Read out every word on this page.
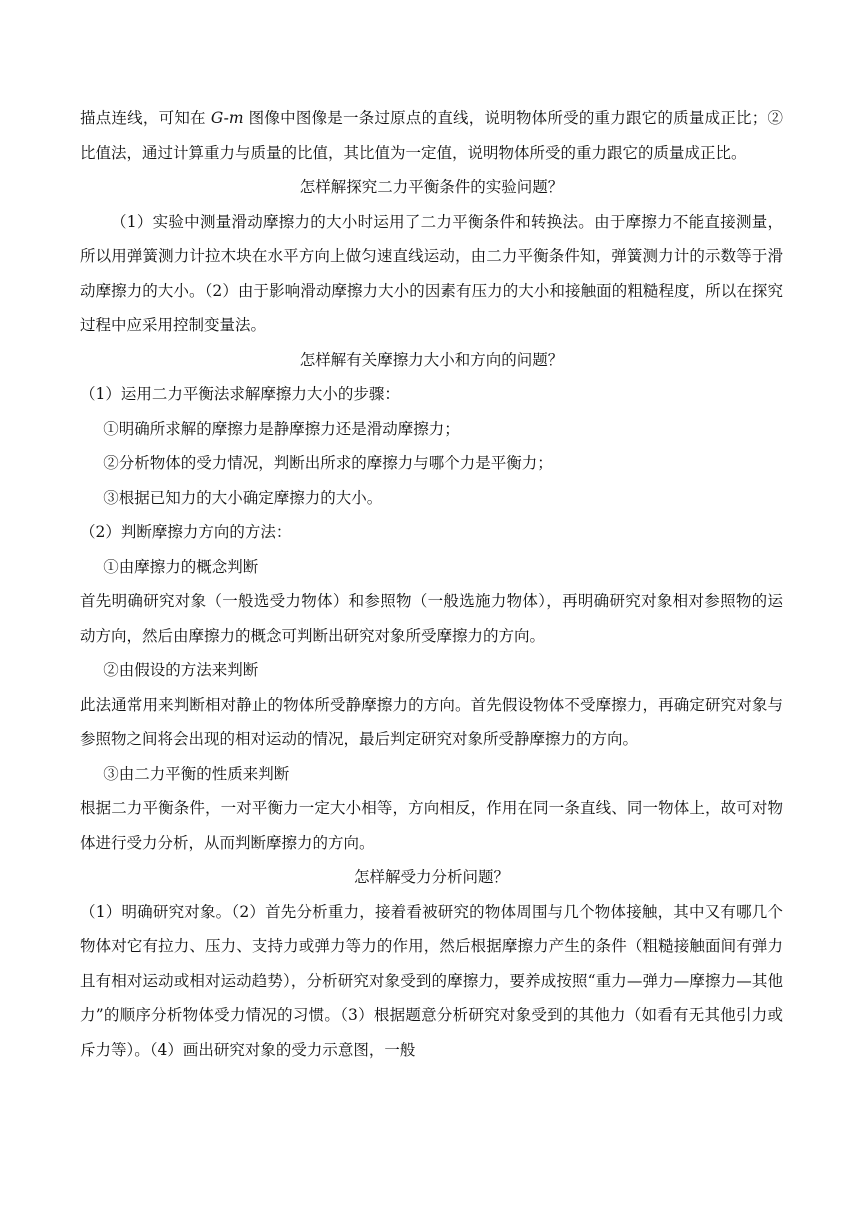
描点连线，可知在 G-m 图像中图像是一条过原点的直线，说明物体所受的重力跟它的质量成正比；②比值法，通过计算重力与质量的比值，其比值为一定值，说明物体所受的重力跟它的质量成正比。

怎样解探究二力平衡条件的实验问题？

（1）实验中测量滑动摩擦力的大小时运用了二力平衡条件和转换法。由于摩擦力不能直接测量，所以用弹簧测力计拉木块在水平方向上做匀速直线运动，由二力平衡条件知，弹簧测力计的示数等于滑动摩擦力的大小。（2）由于影响滑动摩擦力大小的因素有压力的大小和接触面的粗糙程度，所以在探究过程中应采用控制变量法。

怎样解有关摩擦力大小和方向的问题？

（1）运用二力平衡法求解摩擦力大小的步骤：

①明确所求解的摩擦力是静摩擦力还是滑动摩擦力；

②分析物体的受力情况，判断出所求的摩擦力与哪个力是平衡力；

③根据已知力的大小确定摩擦力的大小。

（2）判断摩擦力方向的方法：

①由摩擦力的概念判断

首先明确研究对象（一般选受力物体）和参照物（一般选施力物体），再明确研究对象相对参照物的运动方向，然后由摩擦力的概念可判断出研究对象所受摩擦力的方向。

②由假设的方法来判断

此法通常用来判断相对静止的物体所受静摩擦力的方向。首先假设物体不受摩擦力，再确定研究对象与参照物之间将会出现的相对运动的情况，最后判定研究对象所受静摩擦力的方向。

③由二力平衡的性质来判断

根据二力平衡条件，一对平衡力一定大小相等，方向相反，作用在同一条直线、同一物体上，故可对物体进行受力分析，从而判断摩擦力的方向。

怎样解受力分析问题？

（1）明确研究对象。（2）首先分析重力，接着看被研究的物体周围与几个物体接触，其中又有哪几个物体对它有拉力、压力、支持力或弹力等力的作用，然后根据摩擦力产生的条件（粗糙接触面间有弹力且有相对运动或相对运动趋势），分析研究对象受到的摩擦力，要养成按照“重力—弹力—摩擦力—其他力”的顺序分析物体受力情况的习惯。（3）根据题意分析研究对象受到的其他力（如看有无其他引力或斥力等）。（4）画出研究对象的受力示意图，一般
